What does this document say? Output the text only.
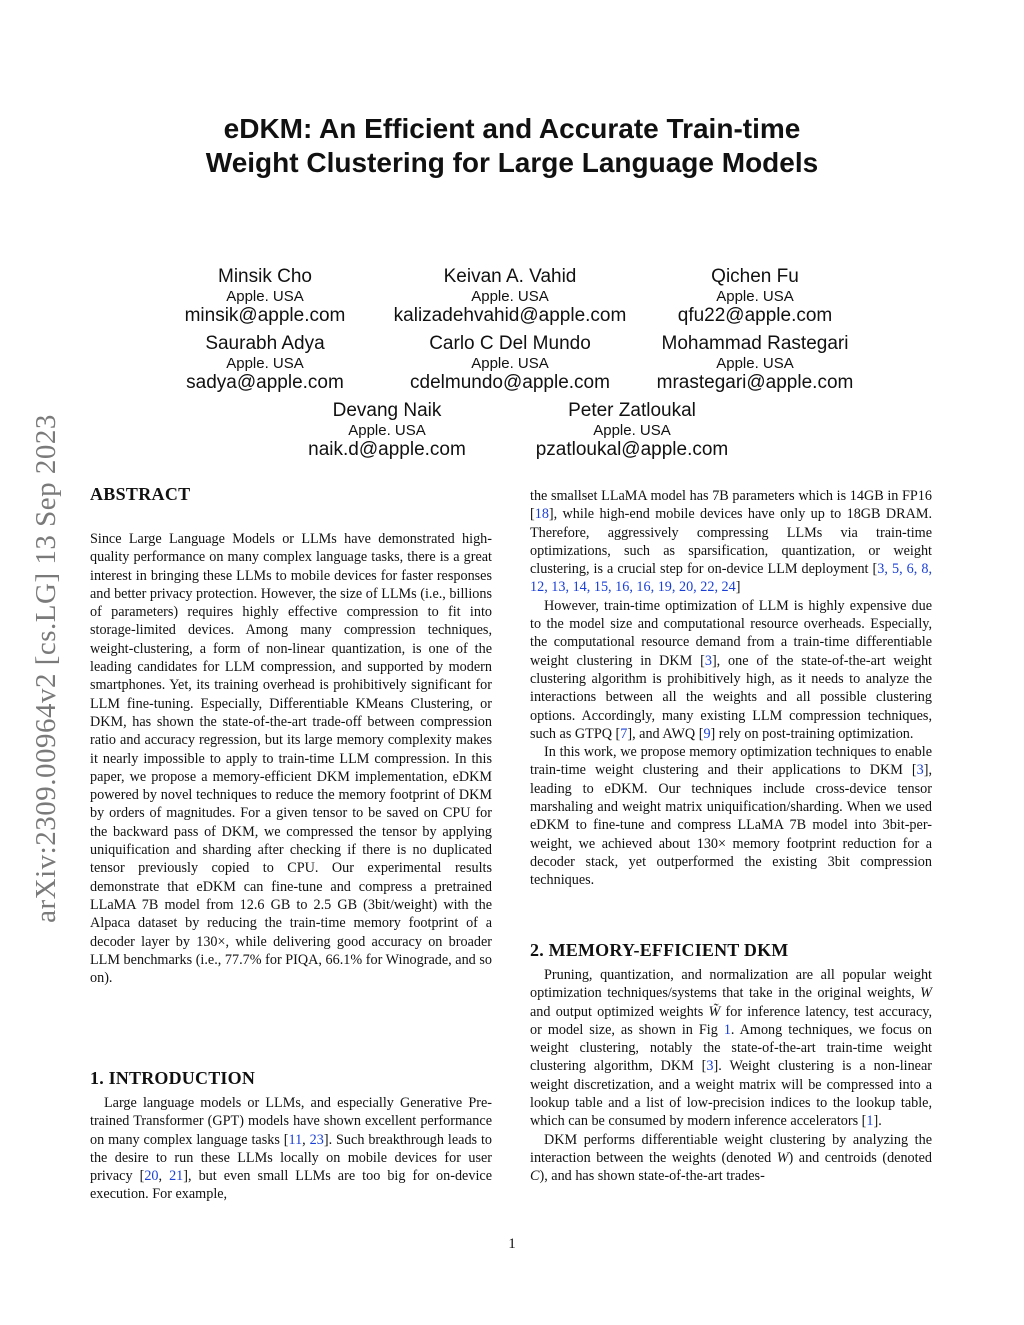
arXiv:2309.00964v2 [cs.LG] 13 Sep 2023
eDKM: An Efficient and Accurate Train-time
Weight Clustering for Large Language Models
Minsik Cho
Apple. USA
minsik@apple.com
Keivan A. Vahid
Apple. USA
kalizadehvahid@apple.com
Qichen Fu
Apple. USA
qfu22@apple.com
Saurabh Adya
Apple. USA
sadya@apple.com
Carlo C Del Mundo
Apple. USA
cdelmundo@apple.com
Mohammad Rastegari
Apple. USA
mrastegari@apple.com
Devang Naik
Apple. USA
naik.d@apple.com
Peter Zatloukal
Apple. USA
pzatloukal@apple.com
ABSTRACT

Since Large Language Models or LLMs have demonstrated high-quality performance on many complex language tasks, there is a great interest in bringing these LLMs to mobile devices for faster responses and better privacy protection. However, the size of LLMs (i.e., billions of parameters) requires highly effective compression to fit into storage-limited devices. Among many compression techniques, weight-clustering, a form of non-linear quantization, is one of the leading candidates for LLM compression, and supported by modern smartphones. Yet, its training overhead is prohibitively significant for LLM fine-tuning. Especially, Differentiable KMeans Clustering, or DKM, has shown the state-of-the-art trade-off between compression ratio and accuracy regression, but its large memory complexity makes it nearly impossible to apply to train-time LLM compression. In this paper, we propose a memory-efficient DKM implementation, eDKM powered by novel techniques to reduce the memory footprint of DKM by orders of magnitudes. For a given tensor to be saved on CPU for the backward pass of DKM, we compressed the tensor by applying uniquification and sharding after checking if there is no duplicated tensor previously copied to CPU. Our experimental results demonstrate that eDKM can fine-tune and compress a pretrained LLaMA 7B model from 12.6 GB to 2.5 GB (3bit/weight) with the Alpaca dataset by reducing the train-time memory footprint of a decoder layer by 130×, while delivering good accuracy on broader LLM benchmarks (i.e., 77.7% for PIQA, 66.1% for Winograde, and so on).

1. INTRODUCTION

Large language models or LLMs, and especially Generative Pre-trained Transformer (GPT) models have shown excellent performance on many complex language tasks [11, 23]. Such breakthrough leads to the desire to run these LLMs locally on mobile devices for user privacy [20, 21], but even small LLMs are too big for on-device execution. For example,

the smallset LLaMA model has 7B parameters which is 14GB in FP16 [18], while high-end mobile devices have only up to 18GB DRAM. Therefore, aggressively compressing LLMs via train-time optimizations, such as sparsification, quantization, or weight clustering, is a crucial step for on-device LLM deployment [3, 5, 6, 8, 12, 13, 14, 15, 16, 16, 19, 20, 22, 24]

However, train-time optimization of LLM is highly expensive due to the model size and computational resource overheads. Especially, the computational resource demand from a train-time differentiable weight clustering in DKM [3], one of the state-of-the-art weight clustering algorithm is prohibitively high, as it needs to analyze the interactions between all the weights and all possible clustering options. Accordingly, many existing LLM compression techniques, such as GTPQ [7], and AWQ [9] rely on post-training optimization.

In this work, we propose memory optimization techniques to enable train-time weight clustering and their applications to DKM [3], leading to eDKM. Our techniques include cross-device tensor marshaling and weight matrix uniquification/sharding. When we used eDKM to fine-tune and compress LLaMA 7B model into 3bit-per-weight, we achieved about 130× memory footprint reduction for a decoder stack, yet outperformed the existing 3bit compression techniques.

2. MEMORY-EFFICIENT DKM

Pruning, quantization, and normalization are all popular weight optimization techniques/systems that take in the original weights, W and output optimized weights W̃ for inference latency, test accuracy, or model size, as shown in Fig 1. Among techniques, we focus on weight clustering, notably the state-of-the-art train-time weight clustering algorithm, DKM [3]. Weight clustering is a non-linear weight discretization, and a weight matrix will be compressed into a lookup table and a list of low-precision indices to the lookup table, which can be consumed by modern inference accelerators [1].

DKM performs differentiable weight clustering by analyzing the interaction between the weights (denoted W) and centroids (denoted C), and has shown state-of-the-art trades-

1
